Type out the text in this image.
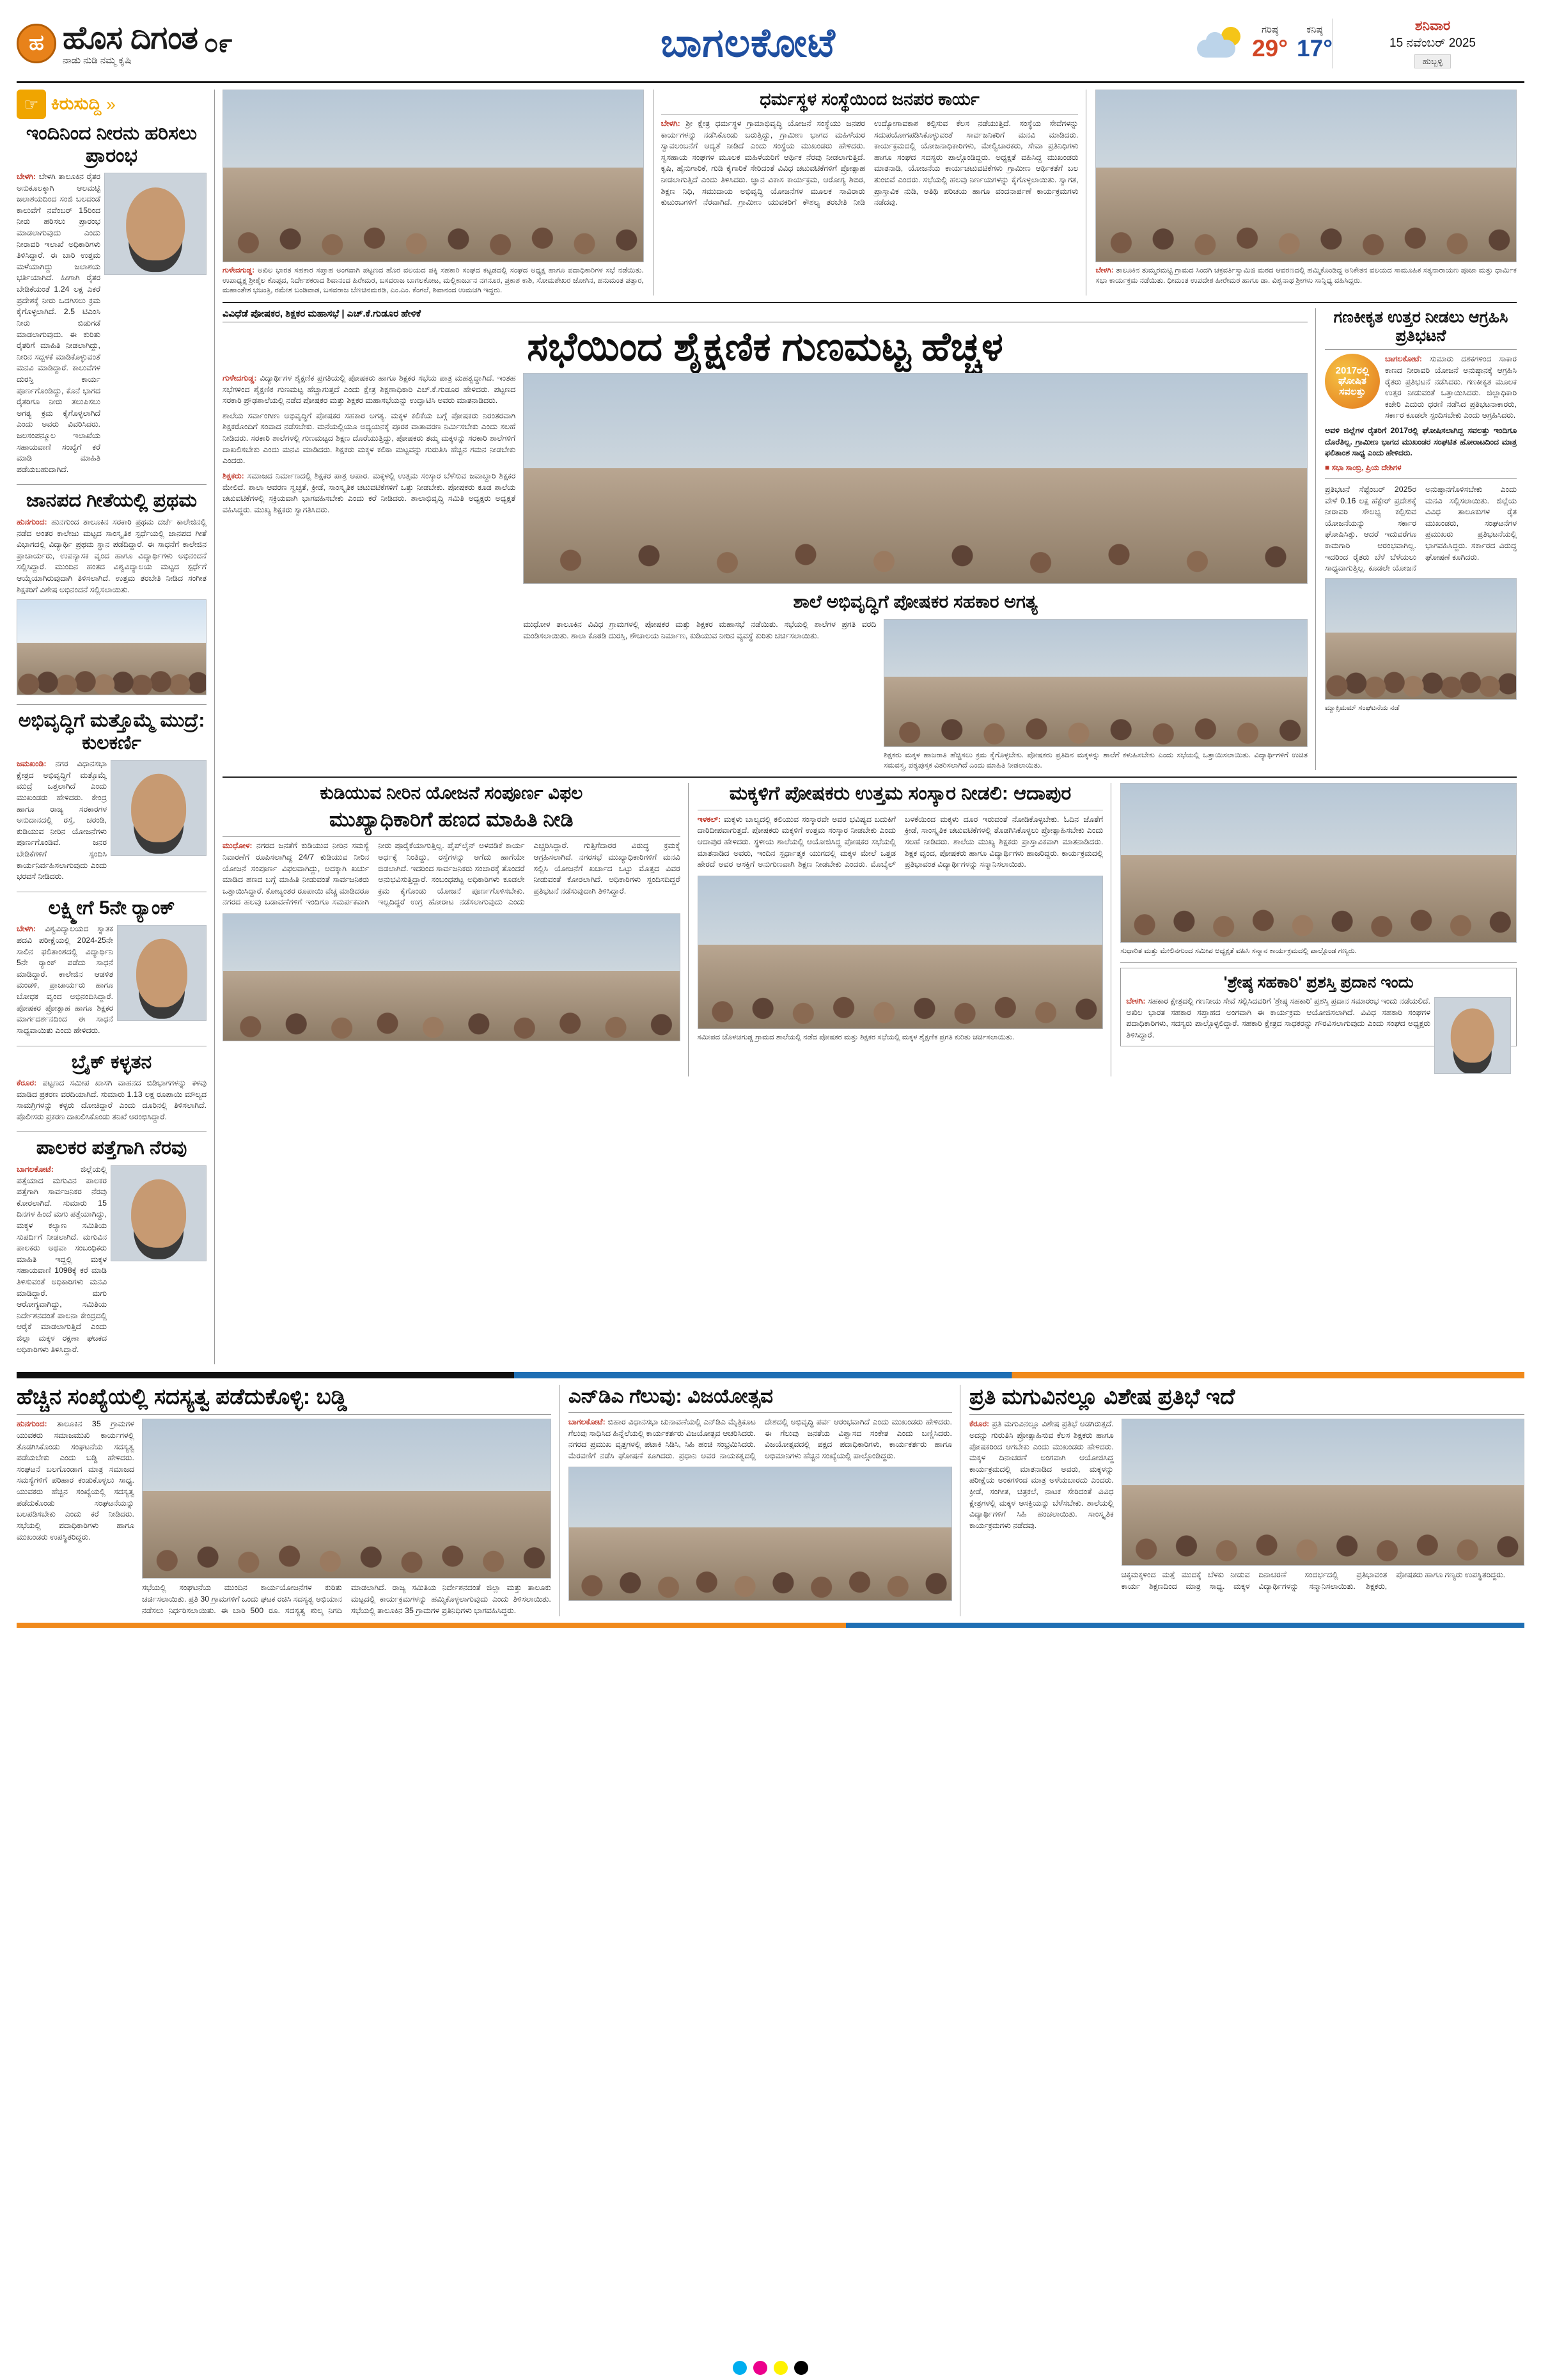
ಹ ಹೊಸ ದಿಗಂತ
ನಾಡು ನುಡಿ ನಮ್ಮ ಕೃಷಿ
೦೯	ಬಾಗಲಕೋಟೆ	ಗರಿಷ್ಠ
29°
ಕನಿಷ್ಠ
17°
ಶನಿವಾರ
15 ನವೆಂಬರ್ 2025
ಹುಬ್ಬಳ್ಳಿ
☞ ಕಿರುಸುದ್ದಿ »
ಇಂದಿನಿಂದ ನೀರನು ಹರಿಸಲು ಪ್ರಾರಂಭ
ಬೇಳಗಿ: ಬೇಳಗಿ ತಾಲೂಕಿನ ರೈತರ ಅನುಕೂಲಕ್ಕಾಗಿ ಆಲಮಟ್ಟಿ ಜಲಾಶಯದಿಂದ ಸಂಜಿ ಬಲದಂಡೆ ಕಾಲುವೆಗೆ ನವೆಂಬರ್ 15ರಿಂದ ನೀರು ಹರಿಸಲು ಪ್ರಾರಂಭ ಮಾಡಲಾಗುವುದು ಎಂದು ನೀರಾವರಿ ಇಲಾಖೆ ಅಧಿಕಾರಿಗಳು ತಿಳಿಸಿದ್ದಾರೆ. ಈ ಬಾರಿ ಉತ್ತಮ ಮಳೆಯಾಗಿದ್ದು ಜಲಾಶಯ ಭರ್ತಿಯಾಗಿದೆ. ಹೀಗಾಗಿ ರೈತರ ಬೇಡಿಕೆಯಂತೆ 1.24 ಲಕ್ಷ ಎಕರೆ ಪ್ರದೇಶಕ್ಕೆ ನೀರು ಒದಗಿಸಲು ಕ್ರಮ ಕೈಗೊಳ್ಳಲಾಗಿದೆ. 2.5 ಟಿಎಂಸಿ ನೀರು ಬಿಡುಗಡೆ ಮಾಡಲಾಗುವುದು. ಈ ಕುರಿತು ರೈತರಿಗೆ ಮಾಹಿತಿ ನೀಡಲಾಗಿದ್ದು, ನೀರಿನ ಸದ್ಬಳಕೆ ಮಾಡಿಕೊಳ್ಳುವಂತೆ ಮನವಿ ಮಾಡಿದ್ದಾರೆ. ಕಾಲುವೆಗಳ ದುರಸ್ತಿ ಕಾರ್ಯ ಪೂರ್ಣಗೊಂಡಿದ್ದು, ಕೊನೆ ಭಾಗದ ರೈತರಿಗೂ ನೀರು ತಲುಪಿಸಲು ಅಗತ್ಯ ಕ್ರಮ ಕೈಗೊಳ್ಳಲಾಗಿದೆ ಎಂದು ಅವರು ವಿವರಿಸಿದರು. ಜಲಸಂಪನ್ಮೂಲ ಇಲಾಖೆಯ ಸಹಾಯವಾಣಿ ಸಂಖ್ಯೆಗೆ ಕರೆ ಮಾಡಿ ಮಾಹಿತಿ ಪಡೆಯಬಹುದಾಗಿದೆ.
ಜಾನಪದ ಗೀತೆಯಲ್ಲಿ ಪ್ರಥಮ
ಹುನಗುಂದ: ಹುನಗುಂದ ತಾಲೂಕಿನ ಸರಕಾರಿ ಪ್ರಥಮ ದರ್ಜೆ ಕಾಲೇಜಿನಲ್ಲಿ ನಡೆದ ಅಂತರ ಕಾಲೇಜು ಮಟ್ಟದ ಸಾಂಸ್ಕೃತಿಕ ಸ್ಪರ್ಧೆಯಲ್ಲಿ ಜಾನಪದ ಗೀತೆ ವಿಭಾಗದಲ್ಲಿ ವಿದ್ಯಾರ್ಥಿ ಪ್ರಥಮ ಸ್ಥಾನ ಪಡೆದಿದ್ದಾರೆ. ಈ ಸಾಧನೆಗೆ ಕಾಲೇಜಿನ ಪ್ರಾಚಾರ್ಯರು, ಉಪನ್ಯಾಸಕ ವೃಂದ ಹಾಗೂ ವಿದ್ಯಾರ್ಥಿಗಳು ಅಭಿನಂದನೆ ಸಲ್ಲಿಸಿದ್ದಾರೆ. ಮುಂದಿನ ಹಂತದ ವಿಶ್ವವಿದ್ಯಾಲಯ ಮಟ್ಟದ ಸ್ಪರ್ಧೆಗೆ ಆಯ್ಕೆಯಾಗಿರುವುದಾಗಿ ತಿಳಿಸಲಾಗಿದೆ. ಉತ್ತಮ ತರಬೇತಿ ನೀಡಿದ ಸಂಗೀತ ಶಿಕ್ಷಕರಿಗೆ ವಿಶೇಷ ಅಭಿನಂದನೆ ಸಲ್ಲಿಸಲಾಯಿತು.
ಅಭಿವೃದ್ಧಿಗೆ ಮತ್ತೊಮ್ಮೆ ಮುದ್ರೆ: ಕುಲಕರ್ಣಿ
ಜಮಖಂಡಿ: ನಗರ ವಿಧಾನಸಭಾ ಕ್ಷೇತ್ರದ ಅಭಿವೃದ್ಧಿಗೆ ಮತ್ತೊಮ್ಮೆ ಮುದ್ರೆ ಒತ್ತಲಾಗಿದೆ ಎಂದು ಮುಖಂಡರು ಹೇಳಿದರು. ಕೇಂದ್ರ ಹಾಗೂ ರಾಜ್ಯ ಸರಕಾರಗಳ ಅನುದಾನದಲ್ಲಿ ರಸ್ತೆ, ಚರಂಡಿ, ಕುಡಿಯುವ ನೀರಿನ ಯೋಜನೆಗಳು ಪೂರ್ಣಗೊಂಡಿವೆ. ಜನರ ಬೇಡಿಕೆಗಳಿಗೆ ಸ್ಪಂದಿಸಿ ಕಾರ್ಯನಿರ್ವಹಿಸಲಾಗುವುದು ಎಂದು ಭರವಸೆ ನೀಡಿದರು.
ಲಕ್ಷ್ಮೀಗೆ 5ನೇ ರ್‍ಯಾಂಕ್
ಬೇಳಗಿ: ವಿಶ್ವವಿದ್ಯಾಲಯದ ಸ್ನಾತಕ ಪದವಿ ಪರೀಕ್ಷೆಯಲ್ಲಿ 2024-25ನೇ ಸಾಲಿನ ಫಲಿತಾಂಶದಲ್ಲಿ ವಿದ್ಯಾರ್ಥಿನಿ 5ನೇ ರ‍್ಯಾಂಕ್ ಪಡೆದು ಸಾಧನೆ ಮಾಡಿದ್ದಾರೆ. ಕಾಲೇಜಿನ ಆಡಳಿತ ಮಂಡಳಿ, ಪ್ರಾಚಾರ್ಯರು ಹಾಗೂ ಬೋಧಕ ವೃಂದ ಅಭಿನಂದಿಸಿದ್ದಾರೆ. ಪೋಷಕರ ಪ್ರೋತ್ಸಾಹ ಹಾಗೂ ಶಿಕ್ಷಕರ ಮಾರ್ಗದರ್ಶನದಿಂದ ಈ ಸಾಧನೆ ಸಾಧ್ಯವಾಯಿತು ಎಂದು ಹೇಳಿದರು.
ಬ್ರೈಕ್ ಕಳ್ಳತನ
ಕೆರೂರ: ಪಟ್ಟಣದ ಸಮೀಪ ಖಾಸಗಿ ವಾಹನದ ಬಿಡಿಭಾಗಗಳನ್ನು ಕಳವು ಮಾಡಿದ ಪ್ರಕರಣ ವರದಿಯಾಗಿದೆ. ಸುಮಾರು 1.13 ಲಕ್ಷ ರೂಪಾಯಿ ಮೌಲ್ಯದ ಸಾಮಗ್ರಿಗಳನ್ನು ಕಳ್ಳರು ದೋಚಿದ್ದಾರೆ ಎಂದು ದೂರಿನಲ್ಲಿ ತಿಳಿಸಲಾಗಿದೆ. ಪೊಲೀಸರು ಪ್ರಕರಣ ದಾಖಲಿಸಿಕೊಂಡು ತನಿಖೆ ಆರಂಭಿಸಿದ್ದಾರೆ.
ಪಾಲಕರ ಪತ್ತೆಗಾಗಿ ನೆರವು
ಬಾಗಲಕೋಟೆ:	ಜಿಲ್ಲೆಯಲ್ಲಿ ಪತ್ತೆಯಾದ ಮಗುವಿನ ಪಾಲಕರ ಪತ್ತೆಗಾಗಿ ಸಾರ್ವಜನಿಕರ ನೆರವು ಕೋರಲಾಗಿದೆ. ಸುಮಾರು 15 ದಿನಗಳ ಹಿಂದೆ ಮಗು ಪತ್ತೆಯಾಗಿದ್ದು, ಮಕ್ಕಳ ಕಲ್ಯಾಣ ಸಮಿತಿಯ ಸುಪರ್ದಿಗೆ ನೀಡಲಾಗಿದೆ. ಮಗುವಿನ ಪಾಲಕರು ಅಥವಾ ಸಂಬಂಧಿಕರು ಮಾಹಿತಿ ಇದ್ದಲ್ಲಿ ಮಕ್ಕಳ ಸಹಾಯವಾಣಿ 1098ಕ್ಕೆ ಕರೆ ಮಾಡಿ ತಿಳಿಸುವಂತೆ ಅಧಿಕಾರಿಗಳು ಮನವಿ ಮಾಡಿದ್ದಾರೆ. ಮಗು ಆರೋಗ್ಯವಾಗಿದ್ದು, ಸಮಿತಿಯ ನಿರ್ದೇಶನದಂತೆ ಪಾಲನಾ ಕೇಂದ್ರದಲ್ಲಿ ಆರೈಕೆ ಮಾಡಲಾಗುತ್ತಿದೆ ಎಂದು ಜಿಲ್ಲಾ ಮಕ್ಕಳ ರಕ್ಷಣಾ ಘಟಕದ ಅಧಿಕಾರಿಗಳು ತಿಳಿಸಿದ್ದಾರೆ.
ಗುಳೇದಗುಡ್ಡ: ಅಖಿಲ ಭಾರತ ಸಹಕಾರ ಸಪ್ತಾಹ ಅಂಗವಾಗಿ ಪಟ್ಟಣದ ಹೊರ ವಲಯದ ಪಕ್ಕಿ ಸಹಕಾರಿ ಸಂಘದ ಕಟ್ಟಡದಲ್ಲಿ ಸಂಘದ ಅಧ್ಯಕ್ಷ ಹಾಗೂ ಪದಾಧಿಕಾರಿಗಳ ಸಭೆ ನಡೆಯಿತು. ಉಪಾಧ್ಯಕ್ಷ ಶ್ರೀಶೈಲ ಕೊಪ್ಪದ, ನಿರ್ದೇಶಕರಾದ ಶಿವಾನಂದ ಹಿರೇಮಠ, ಬಸವರಾಜ ಬಾಗಲಕೋಟ, ಮಲ್ಲಿಕಾರ್ಜುನ ನಗನೂರ, ಪ್ರಕಾಶ ಕಾಶಿ, ಸೋಮಶೇಖರ ಜೋಗಿನ, ಹನುಮಂತ ಪತ್ತಾರ, ಮಹಾಂತೇಶ ಭಜಂತ್ರಿ, ರಮೇಶ ಬಂಡಿವಾಡ, ಬಸವರಾಜ ಬೆಣಚಿನಮರಡಿ, ಎಂ.ಎಂ. ಕೆಂಗಲೆ, ಶಿವಾನಂದ ಉಮಚಗಿ ಇದ್ದರು.
ಧರ್ಮಸ್ಥಳ ಸಂಸ್ಥೆಯಿಂದ ಜನಪರ ಕಾರ್ಯ
ಬೇಳಗಿ: ಶ್ರೀ ಕ್ಷೇತ್ರ ಧರ್ಮಸ್ಥಳ ಗ್ರಾಮಾಭಿವೃದ್ಧಿ ಯೋಜನೆ ಸಂಸ್ಥೆಯು ಜನಪರ ಕಾರ್ಯಗಳನ್ನು ನಡೆಸಿಕೊಂಡು ಬರುತ್ತಿದ್ದು, ಗ್ರಾಮೀಣ ಭಾಗದ ಮಹಿಳೆಯರ ಸ್ವಾವಲಂಬನೆಗೆ ಆದ್ಯತೆ ನೀಡಿದೆ ಎಂದು ಸಂಸ್ಥೆಯ ಮುಖಂಡರು ಹೇಳಿದರು. ಸ್ವಸಹಾಯ ಸಂಘಗಳ ಮೂಲಕ ಮಹಿಳೆಯರಿಗೆ ಆರ್ಥಿಕ ನೆರವು ನೀಡಲಾಗುತ್ತಿದೆ. ಕೃಷಿ, ಹೈನುಗಾರಿಕೆ, ಗುಡಿ ಕೈಗಾರಿಕೆ ಸೇರಿದಂತೆ ವಿವಿಧ ಚಟುವಟಿಕೆಗಳಿಗೆ ಪ್ರೋತ್ಸಾಹ ನೀಡಲಾಗುತ್ತಿದೆ ಎಂದು ತಿಳಿಸಿದರು. ಜ್ಞಾನ ವಿಕಾಸ ಕಾರ್ಯಕ್ರಮ, ಆರೋಗ್ಯ ಶಿಬಿರ, ಶಿಕ್ಷಣ ನಿಧಿ, ಸಮುದಾಯ ಅಭಿವೃದ್ಧಿ ಯೋಜನೆಗಳ ಮೂಲಕ ಸಾವಿರಾರು ಕುಟುಂಬಗಳಿಗೆ ನೆರವಾಗಿದೆ. ಗ್ರಾಮೀಣ ಯುವಕರಿಗೆ ಕೌಶಲ್ಯ ತರಬೇತಿ ನೀಡಿ ಉದ್ಯೋಗಾವಕಾಶ ಕಲ್ಪಿಸುವ ಕೆಲಸ ನಡೆಯುತ್ತಿದೆ. ಸಂಸ್ಥೆಯ ಸೇವೆಗಳನ್ನು ಸದುಪಯೋಗಪಡಿಸಿಕೊಳ್ಳುವಂತೆ ಸಾರ್ವಜನಿಕರಿಗೆ ಮನವಿ ಮಾಡಿದರು. ಕಾರ್ಯಕ್ರಮದಲ್ಲಿ ಯೋಜನಾಧಿಕಾರಿಗಳು, ಮೇಲ್ವಿಚಾರಕರು, ಸೇವಾ ಪ್ರತಿನಿಧಿಗಳು ಹಾಗೂ ಸಂಘದ ಸದಸ್ಯರು ಪಾಲ್ಗೊಂಡಿದ್ದರು. ಅಧ್ಯಕ್ಷತೆ ವಹಿಸಿದ್ದ ಮುಖಂಡರು ಮಾತನಾಡಿ, ಯೋಜನೆಯ ಕಾರ್ಯಚಟುವಟಿಕೆಗಳು ಗ್ರಾಮೀಣ ಆರ್ಥಿಕತೆಗೆ ಬಲ ತುಂಬಿವೆ ಎಂದರು. ಸಭೆಯಲ್ಲಿ ಹಲವು ನಿರ್ಣಯಗಳನ್ನು ಕೈಗೊಳ್ಳಲಾಯಿತು. ಸ್ವಾಗತ, ಪ್ರಾಸ್ತಾವಿಕ ನುಡಿ, ಅತಿಥಿ ಪರಿಚಯ ಹಾಗೂ ವಂದನಾರ್ಪಣೆ ಕಾರ್ಯಕ್ರಮಗಳು ನಡೆದವು.
ಬೇಳಗಿ: ತಾಲೂಕಿನ ತುಮ್ಮರಮಟ್ಟಿ ಗ್ರಾಮದ ಸಿಂದಗಿ ಚಕ್ರವರ್ತಿಸ್ವಾಮಿಜಿ ಮಠದ ಆವರಣದಲ್ಲಿ ಹಮ್ಮಿಕೊಂಡಿದ್ದ ಅನಿಕೇತನ ವಲಯದ ಸಾಮೂಹಿಕ ಸತ್ಯನಾರಾಯಣ ಪೂಜಾ ಮತ್ತು ಧಾರ್ಮಿಕ ಸಭಾ ಕಾರ್ಯಕ್ರಮ ನಡೆಯಿತು. ಧೀಮಂತ ಉಪದೇಶ ಹೀರೇಮಠ ಹಾಗೂ ಡಾ. ವಿಶ್ವನಾಥ ಶ್ರೀಗಳು ಸಾನ್ನಿಧ್ಯ ವಹಿಸಿದ್ದರು.
ವಿವಿಧೆಡೆ ಪೋಷಕರ, ಶಿಕ್ಷಕರ ಮಹಾಸಭೆ | ಎಚ್.ಕೆ.ಗುಡೂರ ಹೇಳಿಕೆ
ಸಭೆಯಿಂದ ಶೈಕ್ಷಣಿಕ ಗುಣಮಟ್ಟ ಹೆಚ್ಚಳ
ಗುಳೇದಗುಡ್ಡ: ವಿದ್ಯಾರ್ಥಿಗಳ ಶೈಕ್ಷಣಿಕ ಪ್ರಗತಿಯಲ್ಲಿ ಪೋಷಕರು ಹಾಗೂ ಶಿಕ್ಷಕರ ಸಭೆಯ ಪಾತ್ರ ಮಹತ್ವದ್ದಾಗಿದೆ. ಇಂತಹ ಸಭೆಗಳಿಂದ ಶೈಕ್ಷಣಿಕ ಗುಣಮಟ್ಟ ಹೆಚ್ಚಾಗುತ್ತದೆ ಎಂದು ಕ್ಷೇತ್ರ ಶಿಕ್ಷಣಾಧಿಕಾರಿ ಎಚ್.ಕೆ.ಗುಡೂರ ಹೇಳಿದರು. ಪಟ್ಟಣದ ಸರಕಾರಿ ಪ್ರೌಢಶಾಲೆಯಲ್ಲಿ ನಡೆದ ಪೋಷಕರ ಮತ್ತು ಶಿಕ್ಷಕರ ಮಹಾಸಭೆಯನ್ನು ಉದ್ಘಾಟಿಸಿ ಅವರು ಮಾತನಾಡಿದರು.
ಶಾಲೆಯ ಸರ್ವಾಂಗೀಣ ಅಭಿವೃದ್ಧಿಗೆ ಪೋಷಕರ ಸಹಕಾರ ಅಗತ್ಯ. ಮಕ್ಕಳ ಕಲಿಕೆಯ ಬಗ್ಗೆ ಪೋಷಕರು ನಿರಂತರವಾಗಿ ಶಿಕ್ಷಕರೊಂದಿಗೆ ಸಂವಾದ ನಡೆಸಬೇಕು. ಮನೆಯಲ್ಲಿಯೂ ಅಧ್ಯಯನಕ್ಕೆ ಪೂರಕ ವಾತಾವರಣ ನಿರ್ಮಿಸಬೇಕು ಎಂದು ಸಲಹೆ ನೀಡಿದರು. ಸರಕಾರಿ ಶಾಲೆಗಳಲ್ಲಿ ಗುಣಮಟ್ಟದ ಶಿಕ್ಷಣ ದೊರೆಯುತ್ತಿದ್ದು, ಪೋಷಕರು ತಮ್ಮ ಮಕ್ಕಳನ್ನು ಸರಕಾರಿ ಶಾಲೆಗಳಿಗೆ ದಾಖಲಿಸಬೇಕು ಎಂದು ಮನವಿ ಮಾಡಿದರು. ಶಿಕ್ಷಕರು ಮಕ್ಕಳ ಕಲಿಕಾ ಮಟ್ಟವನ್ನು ಗುರುತಿಸಿ ಹೆಚ್ಚಿನ ಗಮನ ನೀಡಬೇಕು ಎಂದರು.
ಶಿಕ್ಷಕರು: ಸಮಾಜದ ನಿರ್ಮಾಣದಲ್ಲಿ ಶಿಕ್ಷಕರ ಪಾತ್ರ ಅಪಾರ. ಮಕ್ಕಳಲ್ಲಿ ಉತ್ತಮ ಸಂಸ್ಕಾರ ಬೆಳೆಸುವ ಜವಾಬ್ದಾರಿ ಶಿಕ್ಷಕರ ಮೇಲಿದೆ. ಶಾಲಾ ಆವರಣ ಸ್ವಚ್ಛತೆ, ಕ್ರೀಡೆ, ಸಾಂಸ್ಕೃತಿಕ ಚಟುವಟಿಕೆಗಳಿಗೆ ಒತ್ತು ನೀಡಬೇಕು. ಪೋಷಕರು ಕೂಡ ಶಾಲೆಯ ಚಟುವಟಿಕೆಗಳಲ್ಲಿ ಸಕ್ರಿಯವಾಗಿ ಭಾಗವಹಿಸಬೇಕು ಎಂದು ಕರೆ ನೀಡಿದರು. ಶಾಲಾಭಿವೃದ್ಧಿ ಸಮಿತಿ ಅಧ್ಯಕ್ಷರು ಅಧ್ಯಕ್ಷತೆ ವಹಿಸಿದ್ದರು. ಮುಖ್ಯ ಶಿಕ್ಷಕರು ಸ್ವಾಗತಿಸಿದರು.
ಶಾಲೆ ಅಭಿವೃದ್ಧಿಗೆ ಪೋಷಕರ ಸಹಕಾರ ಅಗತ್ಯ
ಮುಧೋಳ ತಾಲೂಕಿನ ವಿವಿಧ ಗ್ರಾಮಗಳಲ್ಲಿ ಪೋಷಕರ ಮತ್ತು ಶಿಕ್ಷಕರ ಮಹಾಸಭೆ ನಡೆಯಿತು. ಸಭೆಯಲ್ಲಿ ಶಾಲೆಗಳ ಪ್ರಗತಿ ವರದಿ ಮಂಡಿಸಲಾಯಿತು. ಶಾಲಾ ಕೊಠಡಿ ದುರಸ್ತಿ, ಶೌಚಾಲಯ ನಿರ್ಮಾಣ, ಕುಡಿಯುವ ನೀರಿನ ವ್ಯವಸ್ಥೆ ಕುರಿತು ಚರ್ಚಿಸಲಾಯಿತು.
ಶಿಕ್ಷಕರು ಮಕ್ಕಳ ಹಾಜರಾತಿ ಹೆಚ್ಚಿಸಲು ಕ್ರಮ ಕೈಗೊಳ್ಳಬೇಕು. ಪೋಷಕರು ಪ್ರತಿದಿನ ಮಕ್ಕಳನ್ನು ಶಾಲೆಗೆ ಕಳುಹಿಸಬೇಕು ಎಂದು ಸಭೆಯಲ್ಲಿ ಒತ್ತಾಯಿಸಲಾಯಿತು. ವಿದ್ಯಾರ್ಥಿಗಳಿಗೆ ಉಚಿತ ಸಮವಸ್ತ್ರ, ಪಠ್ಯಪುಸ್ತಕ ವಿತರಿಸಲಾಗಿದೆ ಎಂದು ಮಾಹಿತಿ ನೀಡಲಾಯಿತು.
ಗಣಕೀಕೃತ ಉತ್ತರ ನೀಡಲು ಆಗ್ರಹಿಸಿ ಪ್ರತಿಭಟನೆ
2017ರಲ್ಲಿ ಘೋಷಿತ ಸವಲತ್ತು
ಬಾಗಲಕೋಟೆ: ಸುಮಾರು ದಶಕಗಳಿಂದ ಸಾಕಾರ ಕಾಣದ ನೀರಾವರಿ ಯೋಜನೆ ಅನುಷ್ಠಾನಕ್ಕೆ ಆಗ್ರಹಿಸಿ ರೈತರು ಪ್ರತಿಭಟನೆ ನಡೆಸಿದರು. ಗಣಕೀಕೃತ ಮೂಲಕ ಉತ್ತರ ನೀಡುವಂತೆ ಒತ್ತಾಯಿಸಿದರು. ಜಿಲ್ಲಾಧಿಕಾರಿ ಕಚೇರಿ ಎದುರು ಧರಣಿ ನಡೆಸಿದ ಪ್ರತಿಭಟನಾಕಾರರು, ಸರ್ಕಾರ ಕೂಡಲೇ ಸ್ಪಂದಿಸಬೇಕು ಎಂದು ಆಗ್ರಹಿಸಿದರು.
ಅವಳಿ ಜಿಲ್ಲೆಗಳ ರೈತರಿಗೆ 2017ರಲ್ಲಿ ಘೋಷಿಸಲಾಗಿದ್ದ ಸವಲತ್ತು ಇಂದಿಗೂ ದೊರೆತಿಲ್ಲ. ಗ್ರಾಮೀಣ ಭಾಗದ ಮುಖಂಡರ ಸಂಘಟಿತ ಹೋರಾಟದಿಂದ ಮಾತ್ರ ಫಲಿತಾಂಶ ಸಾಧ್ಯ ಎಂದು ಹೇಳಿದರು.
■ ಸಭಾ ಸಾಂಬ್ರಿ, ಪ್ರಿಯ ದೇಶಿಗಳ
ಪ್ರತಿಭಟನೆ ಸೆಪ್ಟೆಂಬರ್ 2025ರ ವೇಳೆ 0.16 ಲಕ್ಷ ಹೆಕ್ಟೇರ್ ಪ್ರದೇಶಕ್ಕೆ ನೀರಾವರಿ ಸೌಲಭ್ಯ ಕಲ್ಪಿಸುವ ಯೋಜನೆಯನ್ನು ಸರ್ಕಾರ ಘೋಷಿಸಿತ್ತು. ಆದರೆ ಇದುವರೆಗೂ ಕಾಮಗಾರಿ ಆರಂಭವಾಗಿಲ್ಲ. ಇದರಿಂದ ರೈತರು ಬೆಳೆ ಬೆಳೆಯಲು ಸಾಧ್ಯವಾಗುತ್ತಿಲ್ಲ. ಕೂಡಲೇ ಯೋಜನೆ ಅನುಷ್ಠಾನಗೊಳಿಸಬೇಕು ಎಂದು ಮನವಿ ಸಲ್ಲಿಸಲಾಯಿತು. ಜಿಲ್ಲೆಯ ವಿವಿಧ ತಾಲೂಕುಗಳ ರೈತ ಮುಖಂಡರು, ಸಂಘಟನೆಗಳ ಪ್ರಮುಖರು ಪ್ರತಿಭಟನೆಯಲ್ಲಿ ಭಾಗವಹಿಸಿದ್ದರು. ಸರ್ಕಾರದ ವಿರುದ್ಧ ಘೋಷಣೆ ಕೂಗಿದರು.
ಮ್ಯಾಕ್ಸಿಮಮ್ ಸಂಘಟನೆಯ ನಡೆ
ಕುಡಿಯುವ ನೀರಿನ ಯೋಜನೆ ಸಂಪೂರ್ಣ ವಿಫಲ
ಮುಖ್ಯಾಧಿಕಾರಿಗೆ ಹಣದ ಮಾಹಿತಿ ನೀಡಿ
ಮುಧೋಳ: ನಗರದ ಜನತೆಗೆ ಕುಡಿಯುವ ನೀರಿನ ಸಮಸ್ಯೆ ನಿವಾರಣೆಗೆ ರೂಪಿಸಲಾಗಿದ್ದ 24/7 ಕುಡಿಯುವ ನೀರಿನ ಯೋಜನೆ ಸಂಪೂರ್ಣ ವಿಫಲವಾಗಿದ್ದು, ಅದಕ್ಕಾಗಿ ಖರ್ಚು ಮಾಡಿದ ಹಣದ ಬಗ್ಗೆ ಮಾಹಿತಿ ನೀಡುವಂತೆ ಸಾರ್ವಜನಿಕರು ಒತ್ತಾಯಿಸಿದ್ದಾರೆ. ಕೋಟ್ಯಂತರ ರೂಪಾಯಿ ವೆಚ್ಚ ಮಾಡಿದರೂ ನಗರದ ಹಲವು ಬಡಾವಣೆಗಳಿಗೆ ಇಂದಿಗೂ ಸಮರ್ಪಕವಾಗಿ ನೀರು ಪೂರೈಕೆಯಾಗುತ್ತಿಲ್ಲ. ಪೈಪ್‌ಲೈನ್ ಅಳವಡಿಕೆ ಕಾರ್ಯ ಅರ್ಧಕ್ಕೆ ನಿಂತಿದ್ದು, ರಸ್ತೆಗಳನ್ನು ಅಗೆದು ಹಾಗೆಯೇ ಬಿಡಲಾಗಿದೆ. ಇದರಿಂದ ಸಾರ್ವಜನಿಕರು ಸಂಚಾರಕ್ಕೆ ತೊಂದರೆ ಅನುಭವಿಸುತ್ತಿದ್ದಾರೆ. ಸಂಬಂಧಪಟ್ಟ ಅಧಿಕಾರಿಗಳು ಕೂಡಲೇ ಕ್ರಮ ಕೈಗೊಂಡು ಯೋಜನೆ ಪೂರ್ಣಗೊಳಿಸಬೇಕು. ಇಲ್ಲದಿದ್ದರೆ ಉಗ್ರ ಹೋರಾಟ ನಡೆಸಲಾಗುವುದು ಎಂದು ಎಚ್ಚರಿಸಿದ್ದಾರೆ. ಗುತ್ತಿಗೆದಾರರ ವಿರುದ್ಧ ಕ್ರಮಕ್ಕೆ ಆಗ್ರಹಿಸಲಾಗಿದೆ. ನಗರಸಭೆ ಮುಖ್ಯಾಧಿಕಾರಿಗಳಿಗೆ ಮನವಿ ಸಲ್ಲಿಸಿ ಯೋಜನೆಗೆ ಖರ್ಚಾದ ಒಟ್ಟು ಮೊತ್ತದ ವಿವರ ನೀಡುವಂತೆ ಕೋರಲಾಗಿದೆ. ಅಧಿಕಾರಿಗಳು ಸ್ಪಂದಿಸದಿದ್ದರೆ ಪ್ರತಿಭಟನೆ ನಡೆಸುವುದಾಗಿ ತಿಳಿಸಿದ್ದಾರೆ.
ಮಕ್ಕಳಿಗೆ ಪೋಷಕರು ಉತ್ತಮ ಸಂಸ್ಕಾರ ನೀಡಲಿ: ಆದಾಪುರ
ಇಳಕಲ್: ಮಕ್ಕಳು ಬಾಲ್ಯದಲ್ಲಿ ಕಲಿಯುವ ಸಂಸ್ಕಾರವೇ ಅವರ ಭವಿಷ್ಯದ ಬದುಕಿಗೆ ದಾರಿದೀಪವಾಗುತ್ತದೆ. ಪೋಷಕರು ಮಕ್ಕಳಿಗೆ ಉತ್ತಮ ಸಂಸ್ಕಾರ ನೀಡಬೇಕು ಎಂದು ಆದಾಪುರ ಹೇಳಿದರು. ಸ್ಥಳೀಯ ಶಾಲೆಯಲ್ಲಿ ಆಯೋಜಿಸಿದ್ದ ಪೋಷಕರ ಸಭೆಯಲ್ಲಿ ಮಾತನಾಡಿದ ಅವರು, ಇಂದಿನ ಸ್ಪರ್ಧಾತ್ಮಕ ಯುಗದಲ್ಲಿ ಮಕ್ಕಳ ಮೇಲೆ ಒತ್ತಡ ಹೇರದೆ ಅವರ ಆಸಕ್ತಿಗೆ ಅನುಗುಣವಾಗಿ ಶಿಕ್ಷಣ ನೀಡಬೇಕು ಎಂದರು. ಮೊಬೈಲ್ ಬಳಕೆಯಿಂದ ಮಕ್ಕಳು ದೂರ ಇರುವಂತೆ ನೋಡಿಕೊಳ್ಳಬೇಕು. ಓದಿನ ಜೊತೆಗೆ ಕ್ರೀಡೆ, ಸಾಂಸ್ಕೃತಿಕ ಚಟುವಟಿಕೆಗಳಲ್ಲಿ ತೊಡಗಿಸಿಕೊಳ್ಳಲು ಪ್ರೋತ್ಸಾಹಿಸಬೇಕು ಎಂದು ಸಲಹೆ ನೀಡಿದರು. ಶಾಲೆಯ ಮುಖ್ಯ ಶಿಕ್ಷಕರು ಪ್ರಾಸ್ತಾವಿಕವಾಗಿ ಮಾತನಾಡಿದರು. ಶಿಕ್ಷಕ ವೃಂದ, ಪೋಷಕರು ಹಾಗೂ ವಿದ್ಯಾರ್ಥಿಗಳು ಹಾಜರಿದ್ದರು. ಕಾರ್ಯಕ್ರಮದಲ್ಲಿ ಪ್ರತಿಭಾವಂತ ವಿದ್ಯಾರ್ಥಿಗಳನ್ನು ಸನ್ಮಾನಿಸಲಾಯಿತು.
ಸಮೀಪದ ಚೊಳಚಗುಡ್ಡ ಗ್ರಾಮದ ಶಾಲೆಯಲ್ಲಿ ನಡೆದ ಪೋಷಕರ ಮತ್ತು ಶಿಕ್ಷಕರ ಸಭೆಯಲ್ಲಿ ಮಕ್ಕಳ ಶೈಕ್ಷಣಿಕ ಪ್ರಗತಿ ಕುರಿತು ಚರ್ಚಿಸಲಾಯಿತು.
ಸುಧಾರಿತ ಮತ್ತು ಮೇಲಿನಗುಂದ ಸಮೀಪ ಅಧ್ಯಕ್ಷತೆ ವಹಿಸಿ ಸನ್ಮಾನ ಕಾರ್ಯಕ್ರಮದಲ್ಲಿ ಪಾಲ್ಗೊಂಡ ಗಣ್ಯರು.
'ಶ್ರೇಷ್ಠ ಸಹಕಾರಿ' ಪ್ರಶಸ್ತಿ ಪ್ರದಾನ ಇಂದು
ಬೇಳಗಿ: ಸಹಕಾರ ಕ್ಷೇತ್ರದಲ್ಲಿ ಗಣನೀಯ ಸೇವೆ ಸಲ್ಲಿಸಿದವರಿಗೆ 'ಶ್ರೇಷ್ಠ ಸಹಕಾರಿ' ಪ್ರಶಸ್ತಿ ಪ್ರದಾನ ಸಮಾರಂಭ ಇಂದು ನಡೆಯಲಿದೆ. ಅಖಿಲ ಭಾರತ ಸಹಕಾರ ಸಪ್ತಾಹದ ಅಂಗವಾಗಿ ಈ ಕಾರ್ಯಕ್ರಮ ಆಯೋಜಿಸಲಾಗಿದೆ. ವಿವಿಧ ಸಹಕಾರಿ ಸಂಘಗಳ ಪದಾಧಿಕಾರಿಗಳು, ಸದಸ್ಯರು ಪಾಲ್ಗೊಳ್ಳಲಿದ್ದಾರೆ. ಸಹಕಾರಿ ಕ್ಷೇತ್ರದ ಸಾಧಕರನ್ನು ಗೌರವಿಸಲಾಗುವುದು ಎಂದು ಸಂಘದ ಅಧ್ಯಕ್ಷರು ತಿಳಿಸಿದ್ದಾರೆ.
ಹೆಚ್ಚಿನ ಸಂಖ್ಯೆಯಲ್ಲಿ ಸದಸ್ಯತ್ವ ಪಡೆದುಕೊಳ್ಳಿ: ಬಡ್ಡಿ
ಹುನಗುಂದ: ತಾಲೂಕಿನ 35 ಗ್ರಾಮಗಳ ಯುವಕರು ಸಮಾಜಮುಖಿ ಕಾರ್ಯಗಳಲ್ಲಿ ತೊಡಗಿಸಿಕೊಂಡು ಸಂಘಟನೆಯ ಸದಸ್ಯತ್ವ ಪಡೆಯಬೇಕು ಎಂದು ಬಡ್ಡಿ ಹೇಳಿದರು. ಸಂಘಟನೆ ಬಲಗೊಂಡಾಗ ಮಾತ್ರ ಸಮಾಜದ ಸಮಸ್ಯೆಗಳಿಗೆ ಪರಿಹಾರ ಕಂಡುಕೊಳ್ಳಲು ಸಾಧ್ಯ. ಯುವಕರು ಹೆಚ್ಚಿನ ಸಂಖ್ಯೆಯಲ್ಲಿ ಸದಸ್ಯತ್ವ ಪಡೆದುಕೊಂಡು ಸಂಘಟನೆಯನ್ನು ಬಲಪಡಿಸಬೇಕು ಎಂದು ಕರೆ ನೀಡಿದರು. ಸಭೆಯಲ್ಲಿ ಪದಾಧಿಕಾರಿಗಳು ಹಾಗೂ ಮುಖಂಡರು ಉಪಸ್ಥಿತರಿದ್ದರು.
ಸಭೆಯಲ್ಲಿ ಸಂಘಟನೆಯ ಮುಂದಿನ ಕಾರ್ಯಯೋಜನೆಗಳ ಕುರಿತು ಚರ್ಚಿಸಲಾಯಿತು. ಪ್ರತಿ 30 ಗ್ರಾಮಗಳಿಗೆ ಒಂದು ಘಟಕ ರಚಿಸಿ ಸದಸ್ಯತ್ವ ಅಭಿಯಾನ ನಡೆಸಲು ನಿರ್ಧರಿಸಲಾಯಿತು. ಈ ಬಾರಿ 500 ರೂ. ಸದಸ್ಯತ್ವ ಶುಲ್ಕ ನಿಗದಿ ಮಾಡಲಾಗಿದೆ. ರಾಜ್ಯ ಸಮಿತಿಯ ನಿರ್ದೇಶನದಂತೆ ಜಿಲ್ಲಾ ಮತ್ತು ತಾಲೂಕು ಮಟ್ಟದಲ್ಲಿ ಕಾರ್ಯಕ್ರಮಗಳನ್ನು ಹಮ್ಮಿಕೊಳ್ಳಲಾಗುವುದು ಎಂದು ತಿಳಿಸಲಾಯಿತು. ಸಭೆಯಲ್ಲಿ ತಾಲೂಕಿನ 35 ಗ್ರಾಮಗಳ ಪ್ರತಿನಿಧಿಗಳು ಭಾಗವಹಿಸಿದ್ದರು.
ಎನ್‌ಡಿಎ ಗೆಲುವು: ವಿಜಯೋತ್ಸವ
ಬಾಗಲಕೋಟೆ: ಬಿಹಾರ ವಿಧಾನಸಭಾ ಚುನಾವಣೆಯಲ್ಲಿ ಎನ್‌ಡಿಎ ಮೈತ್ರಿಕೂಟ ಗೆಲುವು ಸಾಧಿಸಿದ ಹಿನ್ನೆಲೆಯಲ್ಲಿ ಕಾರ್ಯಕರ್ತರು ವಿಜಯೋತ್ಸವ ಆಚರಿಸಿದರು. ನಗರದ ಪ್ರಮುಖ ವೃತ್ತಗಳಲ್ಲಿ ಪಟಾಕಿ ಸಿಡಿಸಿ, ಸಿಹಿ ಹಂಚಿ ಸಂಭ್ರಮಿಸಿದರು. ಮೆರವಣಿಗೆ ನಡೆಸಿ ಘೋಷಣೆ ಕೂಗಿದರು. ಪ್ರಧಾನಿ ಅವರ ನಾಯಕತ್ವದಲ್ಲಿ ದೇಶದಲ್ಲಿ ಅಭಿವೃದ್ಧಿ ಪರ್ವ ಆರಂಭವಾಗಿದೆ ಎಂದು ಮುಖಂಡರು ಹೇಳಿದರು. ಈ ಗೆಲುವು ಜನತೆಯ ವಿಶ್ವಾಸದ ಸಂಕೇತ ಎಂದು ಬಣ್ಣಿಸಿದರು. ವಿಜಯೋತ್ಸವದಲ್ಲಿ ಪಕ್ಷದ ಪದಾಧಿಕಾರಿಗಳು, ಕಾರ್ಯಕರ್ತರು ಹಾಗೂ ಅಭಿಮಾನಿಗಳು ಹೆಚ್ಚಿನ ಸಂಖ್ಯೆಯಲ್ಲಿ ಪಾಲ್ಗೊಂಡಿದ್ದರು.
ಪ್ರತಿ ಮಗುವಿನಲ್ಲೂ ವಿಶೇಷ ಪ್ರತಿಭೆ ಇದೆ
ಕೆರೂರ: ಪ್ರತಿ ಮಗುವಿನಲ್ಲೂ ವಿಶೇಷ ಪ್ರತಿಭೆ ಅಡಗಿರುತ್ತದೆ. ಅದನ್ನು ಗುರುತಿಸಿ ಪ್ರೋತ್ಸಾಹಿಸುವ ಕೆಲಸ ಶಿಕ್ಷಕರು ಹಾಗೂ ಪೋಷಕರಿಂದ ಆಗಬೇಕು ಎಂದು ಮುಖಂಡರು ಹೇಳಿದರು. ಮಕ್ಕಳ ದಿನಾಚರಣೆ ಅಂಗವಾಗಿ ಆಯೋಜಿಸಿದ್ದ ಕಾರ್ಯಕ್ರಮದಲ್ಲಿ ಮಾತನಾಡಿದ ಅವರು, ಮಕ್ಕಳನ್ನು ಪರೀಕ್ಷೆಯ ಅಂಕಗಳಿಂದ ಮಾತ್ರ ಅಳೆಯಬಾರದು ಎಂದರು. ಕ್ರೀಡೆ, ಸಂಗೀತ, ಚಿತ್ರಕಲೆ, ನಾಟಕ ಸೇರಿದಂತೆ ವಿವಿಧ ಕ್ಷೇತ್ರಗಳಲ್ಲಿ ಮಕ್ಕಳ ಆಸಕ್ತಿಯನ್ನು ಬೆಳೆಸಬೇಕು. ಶಾಲೆಯಲ್ಲಿ ವಿದ್ಯಾರ್ಥಿಗಳಿಗೆ ಸಿಹಿ ಹಂಚಲಾಯಿತು. ಸಾಂಸ್ಕೃತಿಕ ಕಾರ್ಯಕ್ರಮಗಳು ನಡೆದವು.
ಚಿಕ್ಕಮಕ್ಕಳಿಂದ ಮತ್ತೆ ಮುದಕ್ಕೆ ಬೆಳಕು ನೀಡುವ ಕಾರ್ಯ ಶಿಕ್ಷಣದಿಂದ ಮಾತ್ರ ಸಾಧ್ಯ. ಮಕ್ಕಳ ದಿನಾಚರಣೆ ಸಂದರ್ಭದಲ್ಲಿ ಪ್ರತಿಭಾವಂತ ವಿದ್ಯಾರ್ಥಿಗಳನ್ನು ಸನ್ಮಾನಿಸಲಾಯಿತು. ಶಿಕ್ಷಕರು, ಪೋಷಕರು ಹಾಗೂ ಗಣ್ಯರು ಉಪಸ್ಥಿತರಿದ್ದರು.
